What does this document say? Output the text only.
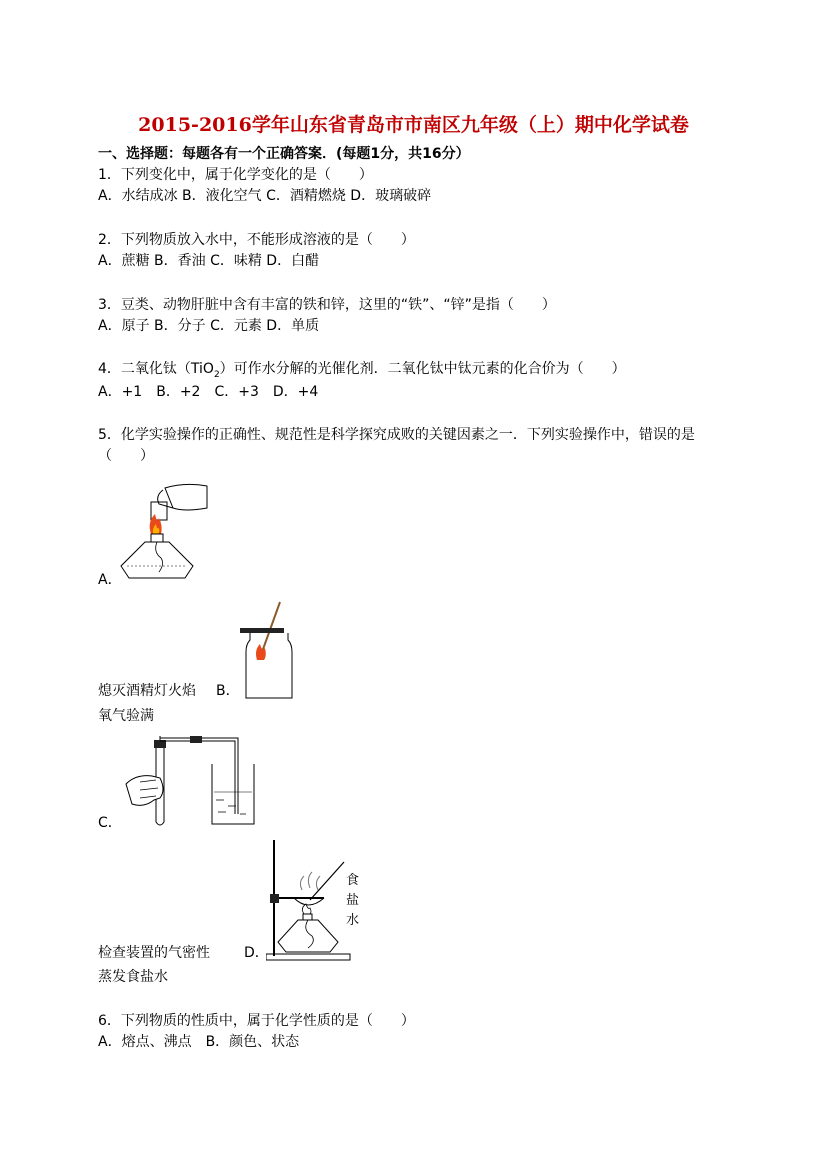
2015-2016学年山东省青岛市市南区九年级（上）期中化学试卷
一、选择题：每题各有一个正确答案．(每题1分，共16分）
1．下列变化中，属于化学变化的是（　　）
A．水结成冰 B．液化空气 C．酒精燃烧 D．玻璃破碎
2．下列物质放入水中，不能形成溶液的是（　　）
A．蔗糖 B．香油 C．味精 D．白醋
3．豆类、动物肝脏中含有丰富的铁和锌，这里的“铁”、“锌”是指（　　）
A．原子 B．分子 C．元素 D．单质
4．二氧化钛（TiO$_2$）可作水分解的光催化剂．二氧化钛中钛元素的化合价为（　　）
A．+1　B．+2　C．+3　D．+4
5．化学实验操作的正确性、规范性是科学探究成败的关键因素之一．下列实验操作中，错误的是
（　　）
A．
熄灭酒精灯火焰 B．
氧气验满
C．
食
盐
水
检查装置的气密性 D．
蒸发食盐水
6．下列物质的性质中，属于化学性质的是（　　）
A．熔点、沸点　B．颜色、状态
